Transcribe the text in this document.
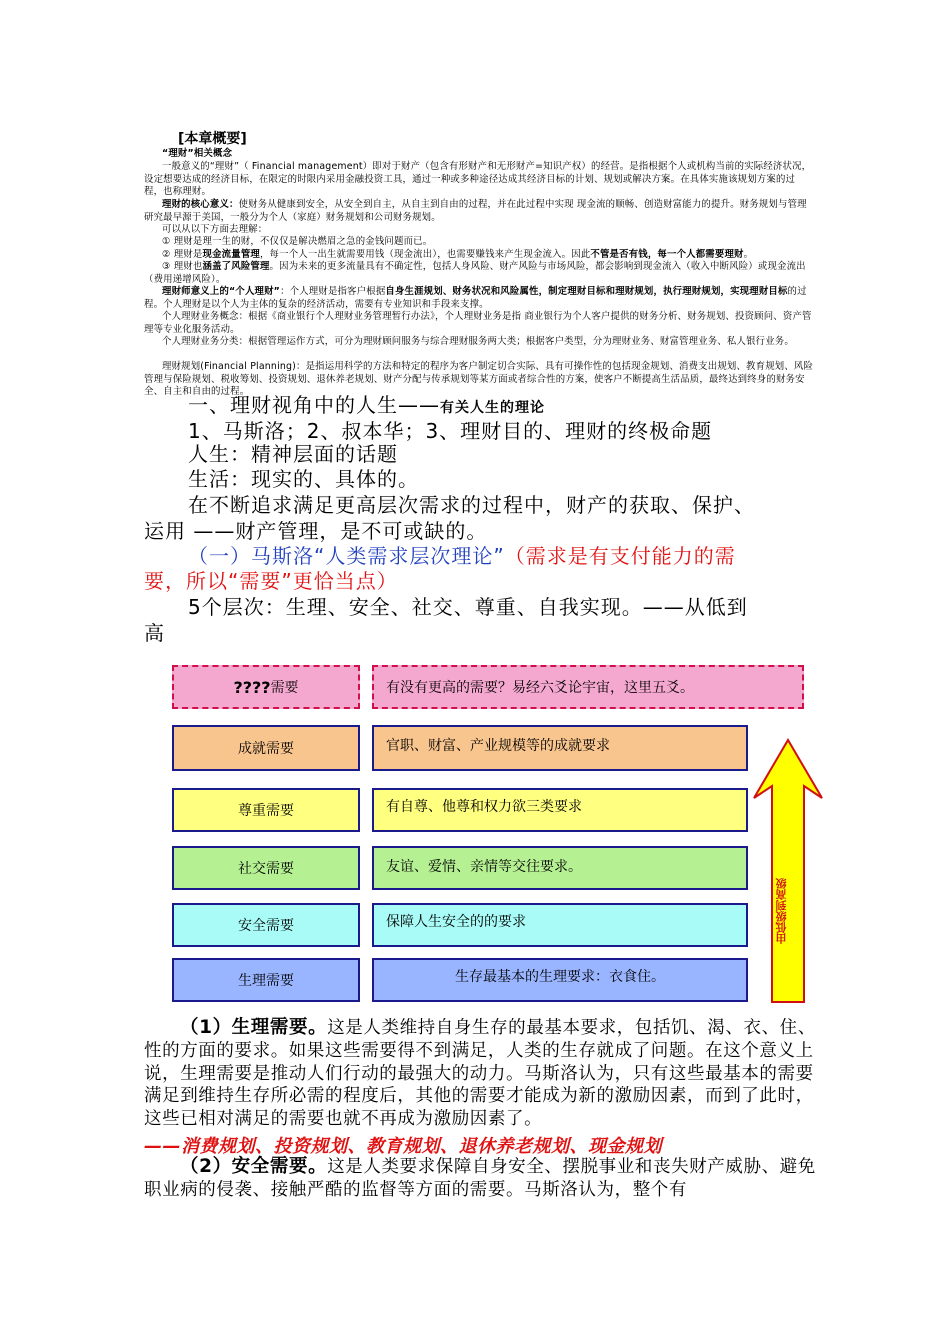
[本章概要]
“理财”相关概念
一般意义的“理财”（ Financial management）即对于财产（包含有形财产和无形财产=知识产权）的经营。是指根据个人或机构当前的实际经济状况，设定想要达成的经济目标，在限定的时限内采用金融投资工具，通过一种或多种途径达成其经济目标的计划、规划或解决方案。在具体实施该规划方案的过程，也称理财。
理财的核心意义：使财务从健康到安全，从安全到自主，从自主到自由的过程，并在此过程中实现 现金流的顺畅、创造财富能力的提升。财务规划与管理研究最早源于美国，一般分为个人（家庭）财务规划和公司财务规划。
可以从以下方面去理解：
① 理财是理一生的财，不仅仅是解决燃眉之急的金钱问题而已。
② 理财是现金流量管理，每一个人一出生就需要用钱（现金流出），也需要赚钱来产生现金流入。因此不管是否有钱，每一个人都需要理财。
③ 理财也涵盖了风险管理。因为未来的更多流量具有不确定性，包括人身风险、财产风险与市场风险，都会影响到现金流入（收入中断风险）或现金流出（费用递增风险）。
理财师意义上的“个人理财”：个人理财是指客户根据自身生涯规划、财务状况和风险属性，制定理财目标和理财规划，执行理财规划，实现理财目标的过程。个人理财是以个人为主体的复杂的经济活动，需要有专业知识和手段来支撑。
个人理财业务概念：根据《商业银行个人理财业务管理暂行办法》，个人理财业务是指 商业银行为个人客户提供的财务分析、财务规划、投资顾问、资产管理等专业化服务活动。
个人理财业务分类：根据管理运作方式，可分为理财顾问服务与综合理财服务两大类；根据客户类型，分为理财业务、财富管理业务、私人银行业务。
理财规划(Financial Planning)：是指运用科学的方法和特定的程序为客户制定切合实际、具有可操作性的包括现金规划、消费支出规划、教育规划、风险管理与保险规划、税收筹划、投资规划、退休养老规划、财产分配与传承规划等某方面或者综合性的方案，使客户不断提高生活品质，最终达到终身的财务安全、自主和自由的过程。
一、理财视角中的人生——有关人生的理论
1、马斯洛；2、叔本华；3、理财目的、理财的终极命题
人生：精神层面的话题
生活：现实的、具体的。
在不断追求满足更高层次需求的过程中，财产的获取、保护、
运用 ——财产管理，是不可或缺的。
（一）马斯洛“人类需求层次理论” （需求是有支付能力的需
要，所以“需要”更恰当点）
5个层次：生理、安全、社交、尊重、自我实现。——从低到
高
???? 需要	有没有更高的需要？易经六爻论宇宙，这里五爻。
成就需要	官职、财富、产业规模等的成就要求
尊重需要	有自尊、他尊和权力欲三类要求
社交需要	友谊、爱情、亲情等交往要求。
安全需要	保障人生安全的的要求
生理需要	生存最基本的生理要求：衣食住。
由低级到高级
（1）生理需要。这是人类维持自身生存的最基本要求，包括饥、渴、衣、住、性的方面的要求。如果这些需要得不到满足，人类的生存就成了问题。在这个意义上说，生理需要是推动人们行动的最强大的动力。马斯洛认为，只有这些最基本的需要满足到维持生存所必需的程度后，其他的需要才能成为新的激励因素，而到了此时，这些已相对满足的需要也就不再成为激励因素了。
——消费规划、投资规划、教育规划、退休养老规划、现金规划
（2）安全需要。这是人类要求保障自身安全、摆脱事业和丧失财产威胁、避免职业病的侵袭、接触严酷的监督等方面的需要。马斯洛认为，整个有
